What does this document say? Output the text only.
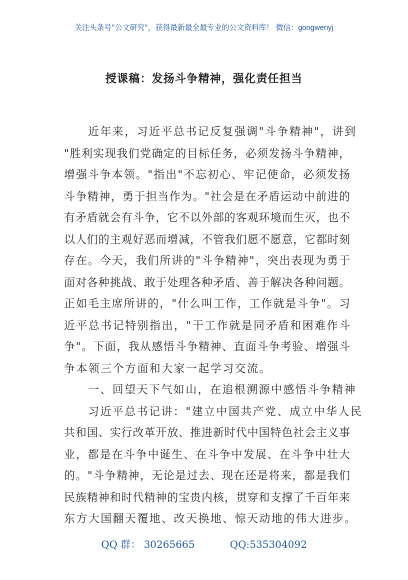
关注头条号"公文研究"，获得最新最全最专业的公文资料库！ 微信：gongwenyj
授课稿：发扬斗争精神，强化责任担当
近年来，习近平总书记反复强调"斗争精神"，讲到
"胜利实现我们党确定的目标任务，必须发扬斗争精神，
增强斗争本领。"指出"不忘初心、牢记使命，必须发扬
斗争精神，勇于担当作为。"社会是在矛盾运动中前进的
有矛盾就会有斗争，它不以外部的客观环境而生灭，也不
以人们的主观好恶而增减，不管我们愿不愿意，它都时刻
存在。今天，我们所讲的"斗争精神"，突出表现为勇于
面对各种挑战、敢于处理各种矛盾、善于解决各种问题。
正如毛主席所讲的，"什么叫工作，工作就是斗争"。习
近平总书记特别指出，"干工作就是同矛盾和困难作斗
争"。下面，我从感悟斗争精神、直面斗争考验、增强斗
争本领三个方面和大家一起学习交流。
一、回望天下气如山，在追根溯源中感悟斗争精神
习近平总书记讲："建立中国共产党、成立中华人民
共和国、实行改革开放、推进新时代中国特色社会主义事
业，都是在斗争中诞生、在斗争中发展、在斗争中壮大
的。"斗争精神，无论是过去、现在还是将来，都是我们
民族精神和时代精神的宝贵内核，贯穿和支撑了千百年来
东方大国翻天覆地、改天换地、惊天动地的伟大进步。
QQ 群： 30265665	QQ:535304092
